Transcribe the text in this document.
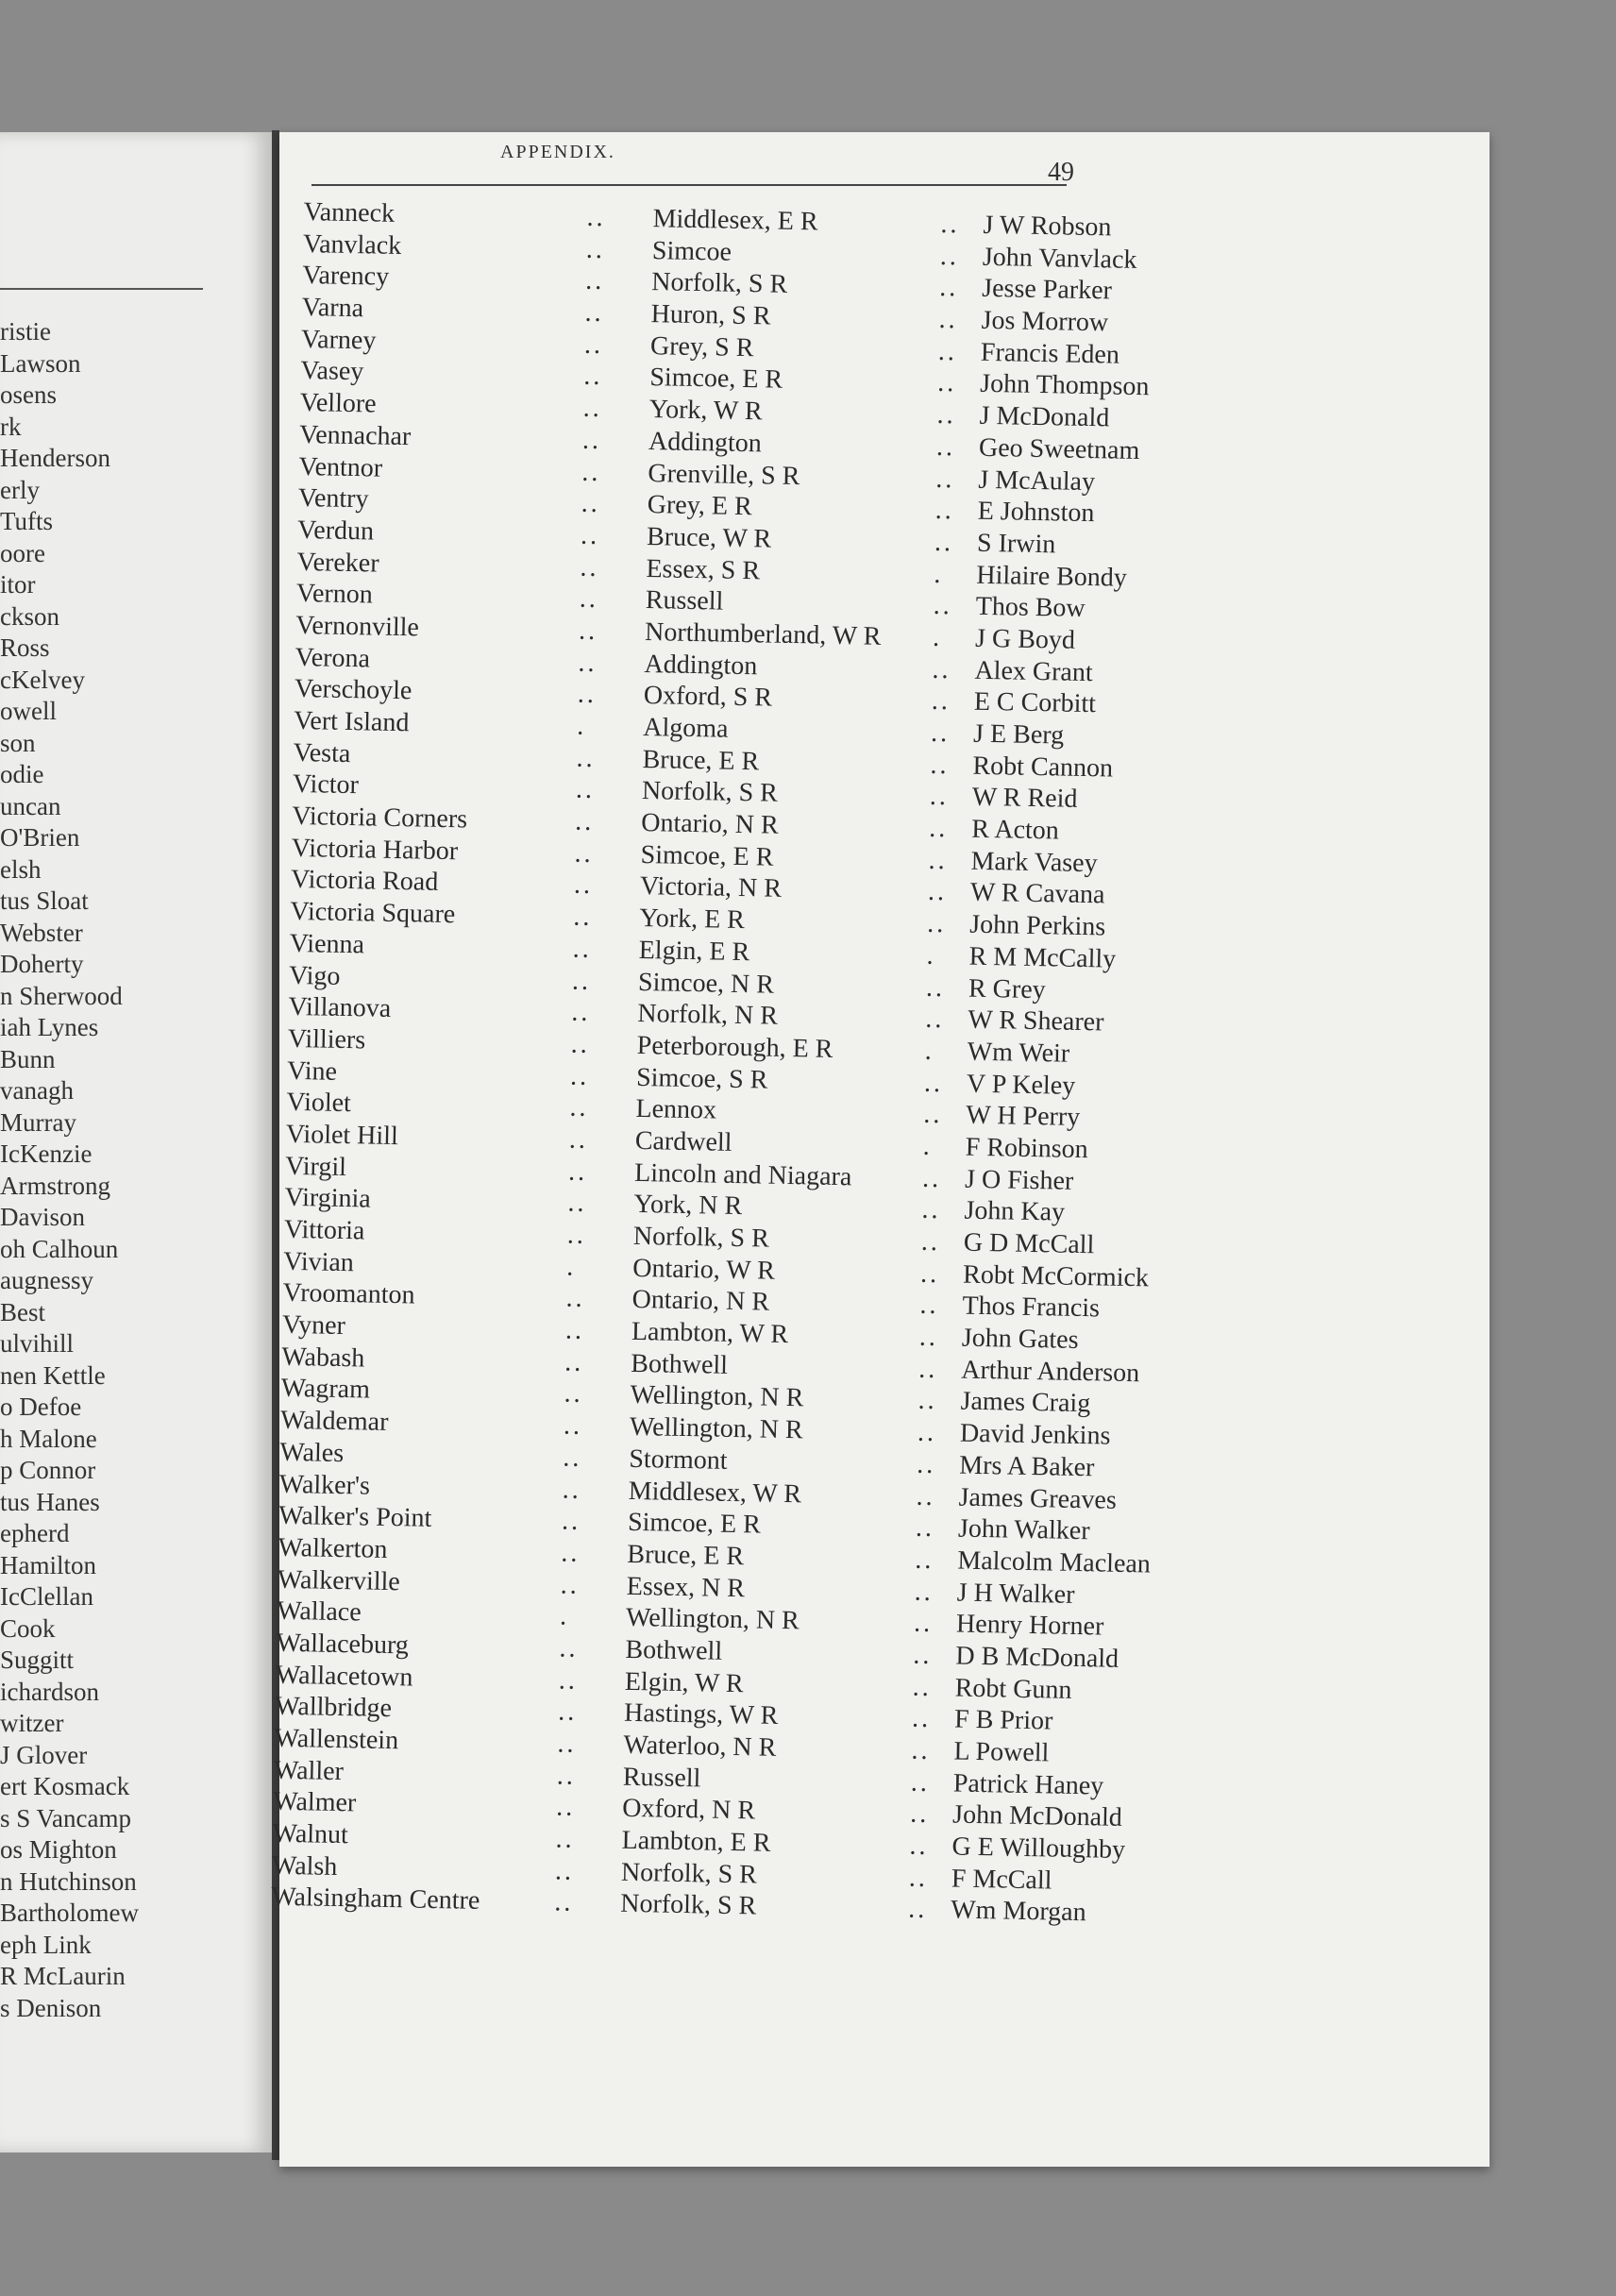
ristie
Lawson
osens
rk
Henderson
erly
Tufts
oore
itor
ckson
Ross
cKelvey
owell
son
odie
uncan
O'Brien
elsh
tus Sloat
Webster
Doherty
n Sherwood
iah Lynes
Bunn
vanagh
Murray
IcKenzie
Armstrong
Davison
oh Calhoun
augnessy
Best
ulvihill
nen Kettle
o Defoe
h Malone
p Connor
tus Hanes
epherd
Hamilton
IcClellan
Cook
Suggitt
ichardson
witzer
J Glover
ert Kosmack
s S Vancamp
os Mighton
n Hutchinson
Bartholomew
eph Link
R McLaurin
s Denison
APPENDIX.
49
Vanneck	.. Middlesex, E R	.. J W Robson
Vanvlack	.. Simcoe	.. John Vanvlack
Varency	.. Norfolk, S R	.. Jesse Parker
Varna	.. Huron, S R	.. Jos Morrow
Varney	.. Grey, S R	.. Francis Eden
Vasey	.. Simcoe, E R	.. John Thompson
Vellore	.. York, W R	.. J McDonald
Vennachar	.. Addington	.. Geo Sweetnam
Ventnor	.. Grenville, S R	.. J McAulay
Ventry	.. Grey, E R	.. E Johnston
Verdun	.. Bruce, W R	.. S Irwin
Vereker	.. Essex, S R	. Hilaire Bondy
Vernon	.. Russell	.. Thos Bow
Vernonville	.. Northumberland, W R . J G Boyd
Verona	.. Addington	.. Alex Grant
Verschoyle	.. Oxford, S R	.. E C Corbitt
Vert Island	. Algoma	.. J E Berg
Vesta	.. Bruce, E R	.. Robt Cannon
Victor	.. Norfolk, S R	.. W R Reid
Victoria Corners	.. Ontario, N R	.. R Acton
Victoria Harbor	.. Simcoe, E R	.. Mark Vasey
Victoria Road	.. Victoria, N R	.. W R Cavana
Victoria Square	.. York, E R	.. John Perkins
Vienna	.. Elgin, E R	. R M McCally
Vigo	.. Simcoe, N R	.. R Grey
Villanova	.. Norfolk, N R	.. W R Shearer
Villiers	.. Peterborough, E R	. Wm Weir
Vine	.. Simcoe, S R	.. V P Keley
Violet	.. Lennox	.. W H Perry
Violet Hill	.. Cardwell	. F Robinson
Virgil	.. Lincoln and Niagara	.. J O Fisher
Virginia	.. York, N R	.. John Kay
Vittoria	.. Norfolk, S R	.. G D McCall
Vivian	. Ontario, W R	.. Robt McCormick
Vroomanton	.. Ontario, N R	.. Thos Francis
Vyner	.. Lambton, W R	.. John Gates
Wabash	.. Bothwell	.. Arthur Anderson
Wagram	.. Wellington, N R	.. James Craig
Waldemar	.. Wellington, N R	.. David Jenkins
Wales	.. Stormont	.. Mrs A Baker
Walker's	.. Middlesex, W R	.. James Greaves
Walker's Point	.. Simcoe, E R	.. John Walker
Walkerton	.. Bruce, E R	.. Malcolm Maclean
Walkerville	.. Essex, N R	.. J H Walker
Wallace	. Wellington, N R	.. Henry Horner
Wallaceburg	.. Bothwell	.. D B McDonald
Wallacetown	.. Elgin, W R	.. Robt Gunn
Wallbridge	.. Hastings, W R	.. F B Prior
Wallenstein	.. Waterloo, N R	.. L Powell
Waller	.. Russell	.. Patrick Haney
Walmer	.. Oxford, N R	.. John McDonald
Walnut	.. Lambton, E R	.. G E Willoughby
Walsh	.. Norfolk, S R	.. F McCall
Walsingham Centre	.. Norfolk, S R	.. Wm Morgan
